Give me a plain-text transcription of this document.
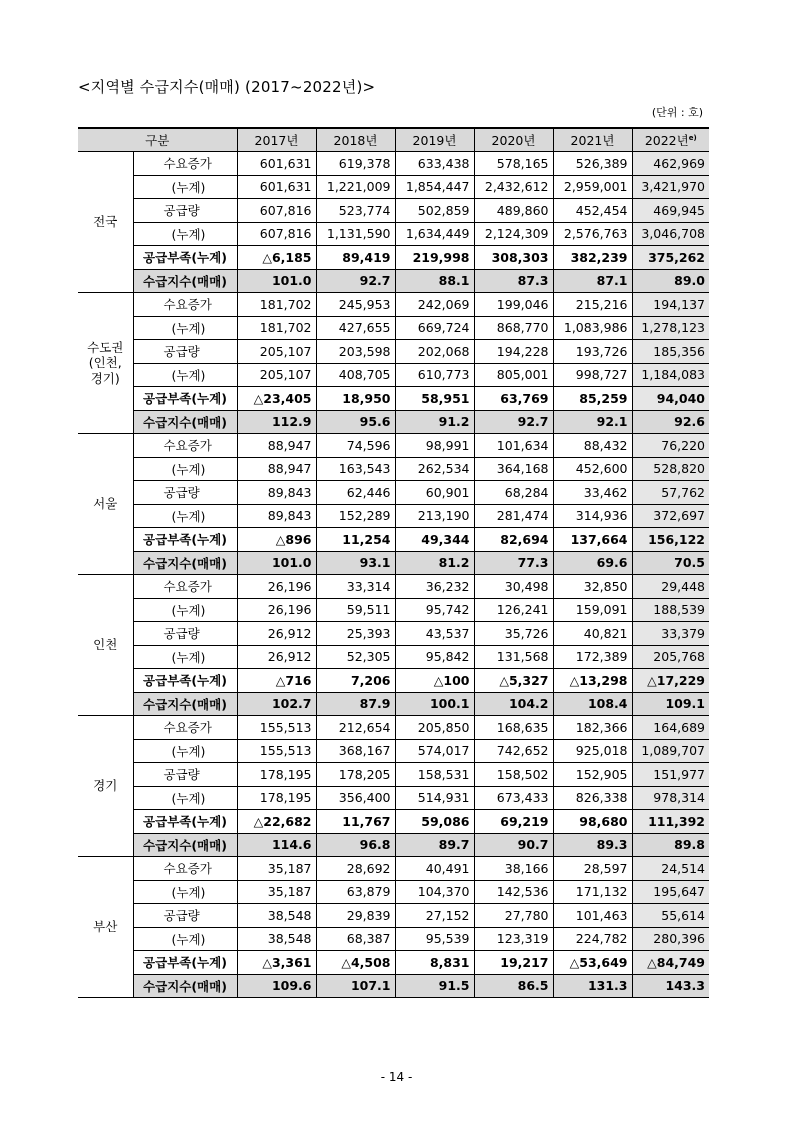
<지역별 수급지수(매매) (2017~2022년)>
(단위 : 호)
구분		2017년	2018년	2019년	2020년	2021년	2022년$^{e)}$
전국	수요증가	601,631	619,378	633,438	578,165	526,389	462,969
	(누계)	601,631	1,221,009	1,854,447	2,432,612	2,959,001	3,421,970
	공급량	607,816	523,774	502,859	489,860	452,454	469,945
	(누계)	607,816	1,131,590	1,634,449	2,124,309	2,576,763	3,046,708
	공급부족(누계)	△6,185	89,419	219,998	308,303	382,239	375,262
	수급지수(매매)	101.0	92.7	88.1	87.3	87.1	89.0
수도권
(인천,
경기)	수요증가	181,702	245,953	242,069	199,046	215,216	194,137
	(누계)	181,702	427,655	669,724	868,770	1,083,986	1,278,123
	공급량	205,107	203,598	202,068	194,228	193,726	185,356
	(누계)	205,107	408,705	610,773	805,001	998,727	1,184,083
	공급부족(누계)	△23,405	18,950	58,951	63,769	85,259	94,040
	수급지수(매매)	112.9	95.6	91.2	92.7	92.1	92.6
서울	수요증가	88,947	74,596	98,991	101,634	88,432	76,220
	(누계)	88,947	163,543	262,534	364,168	452,600	528,820
	공급량	89,843	62,446	60,901	68,284	33,462	57,762
	(누계)	89,843	152,289	213,190	281,474	314,936	372,697
	공급부족(누계)	△896	11,254	49,344	82,694	137,664	156,122
	수급지수(매매)	101.0	93.1	81.2	77.3	69.6	70.5
인천	수요증가	26,196	33,314	36,232	30,498	32,850	29,448
	(누계)	26,196	59,511	95,742	126,241	159,091	188,539
	공급량	26,912	25,393	43,537	35,726	40,821	33,379
	(누계)	26,912	52,305	95,842	131,568	172,389	205,768
	공급부족(누계)	△716	7,206	△100	△5,327	△13,298	△17,229
	수급지수(매매)	102.7	87.9	100.1	104.2	108.4	109.1
경기	수요증가	155,513	212,654	205,850	168,635	182,366	164,689
	(누계)	155,513	368,167	574,017	742,652	925,018	1,089,707
	공급량	178,195	178,205	158,531	158,502	152,905	151,977
	(누계)	178,195	356,400	514,931	673,433	826,338	978,314
	공급부족(누계)	△22,682	11,767	59,086	69,219	98,680	111,392
	수급지수(매매)	114.6	96.8	89.7	90.7	89.3	89.8
부산	수요증가	35,187	28,692	40,491	38,166	28,597	24,514
	(누계)	35,187	63,879	104,370	142,536	171,132	195,647
	공급량	38,548	29,839	27,152	27,780	101,463	55,614
	(누계)	38,548	68,387	95,539	123,319	224,782	280,396
	공급부족(누계)	△3,361	△4,508	8,831	19,217	△53,649	△84,749
	수급지수(매매)	109.6	107.1	91.5	86.5	131.3	143.3
- 14 -
